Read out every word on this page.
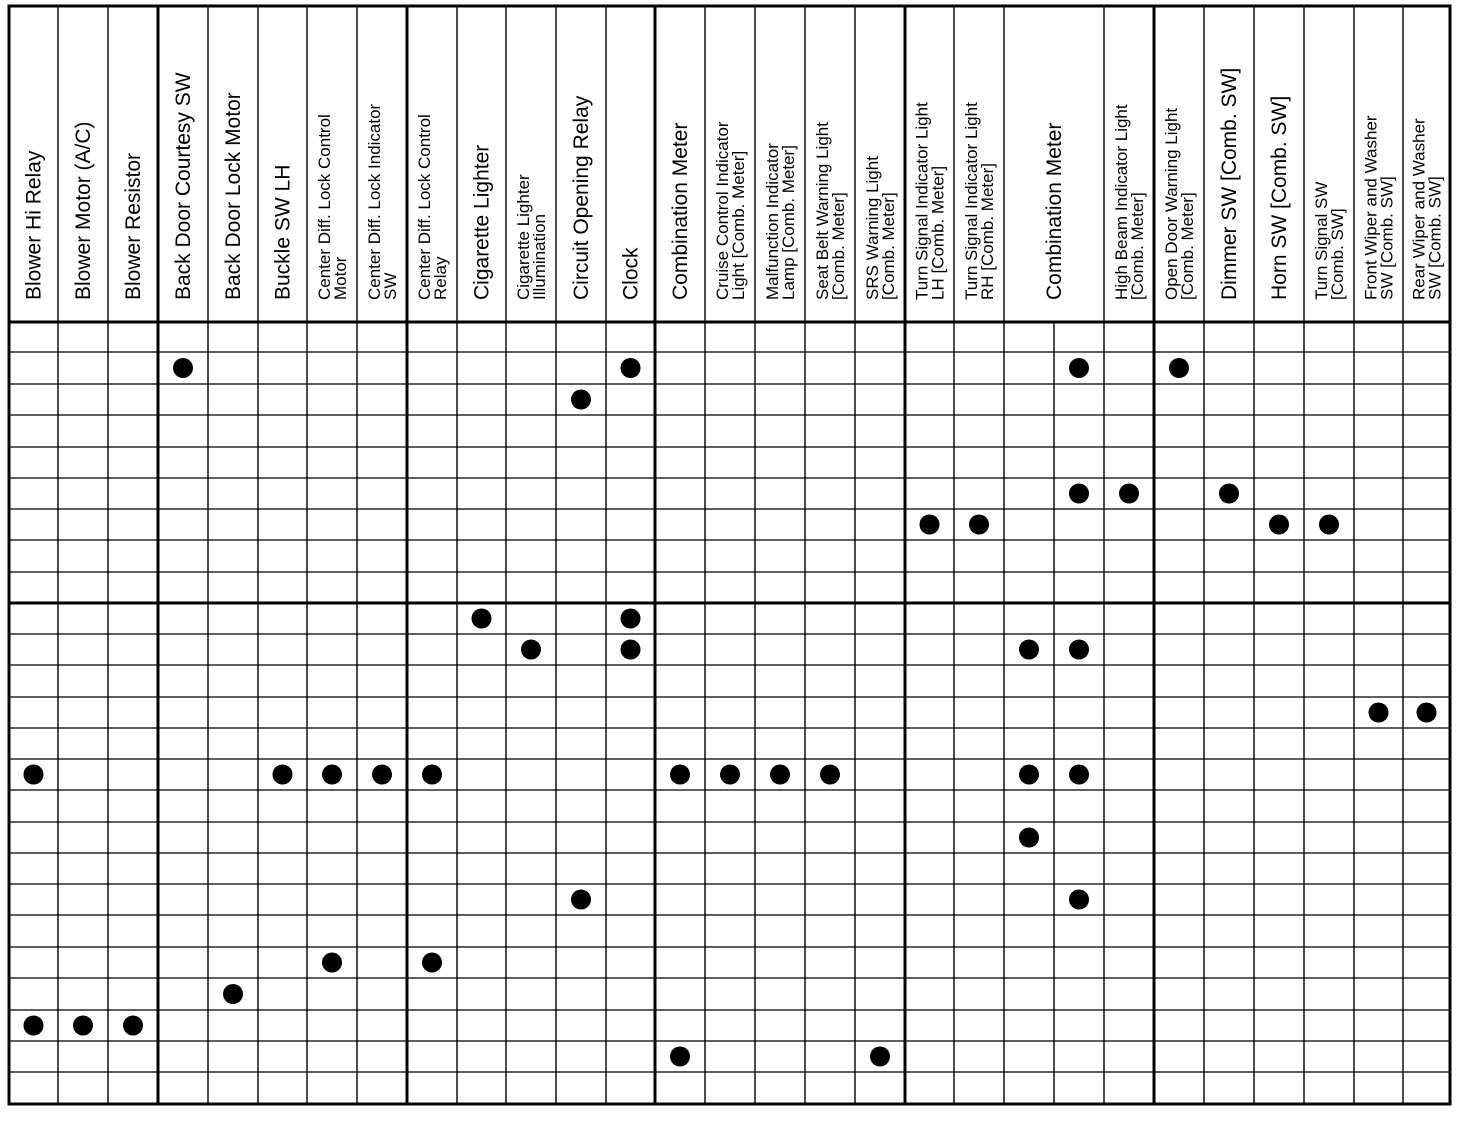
Blower Hi Relay Blower Motor (A/C) Blower Resistor Back Door Courtesy SW Back Door Lock Motor Buckle SW LH Center Diff. Lock Control
Motor Center Diff. Lock Indicator
SW Center Diff. Lock Control
Relay Cigarette Lighter Cigarette Lighter
Illumination Circuit Opening Relay Clock Combination Meter Cruise Control Indicator
Light [Comb. Meter] Malfunction Indicator
Lamp [Comb. Meter] Seat Belt Warning Light
[Comb. Meter] SRS Warning Light
[Comb. Meter] Turn Signal Indicator Light
LH [Comb. Meter] Turn Signal Indicator Light
RH [Comb. Meter] Combination Meter	High Beam Indicator Light
[Comb. Meter] Open Door Warning Light
[Comb. Meter] Dimmer SW [Comb. SW] Horn SW [Comb. SW] Turn Signal SW
[Comb. SW] Front Wiper and Washer
SW [Comb. SW] Rear Wiper and Washer
SW [Comb. SW]
